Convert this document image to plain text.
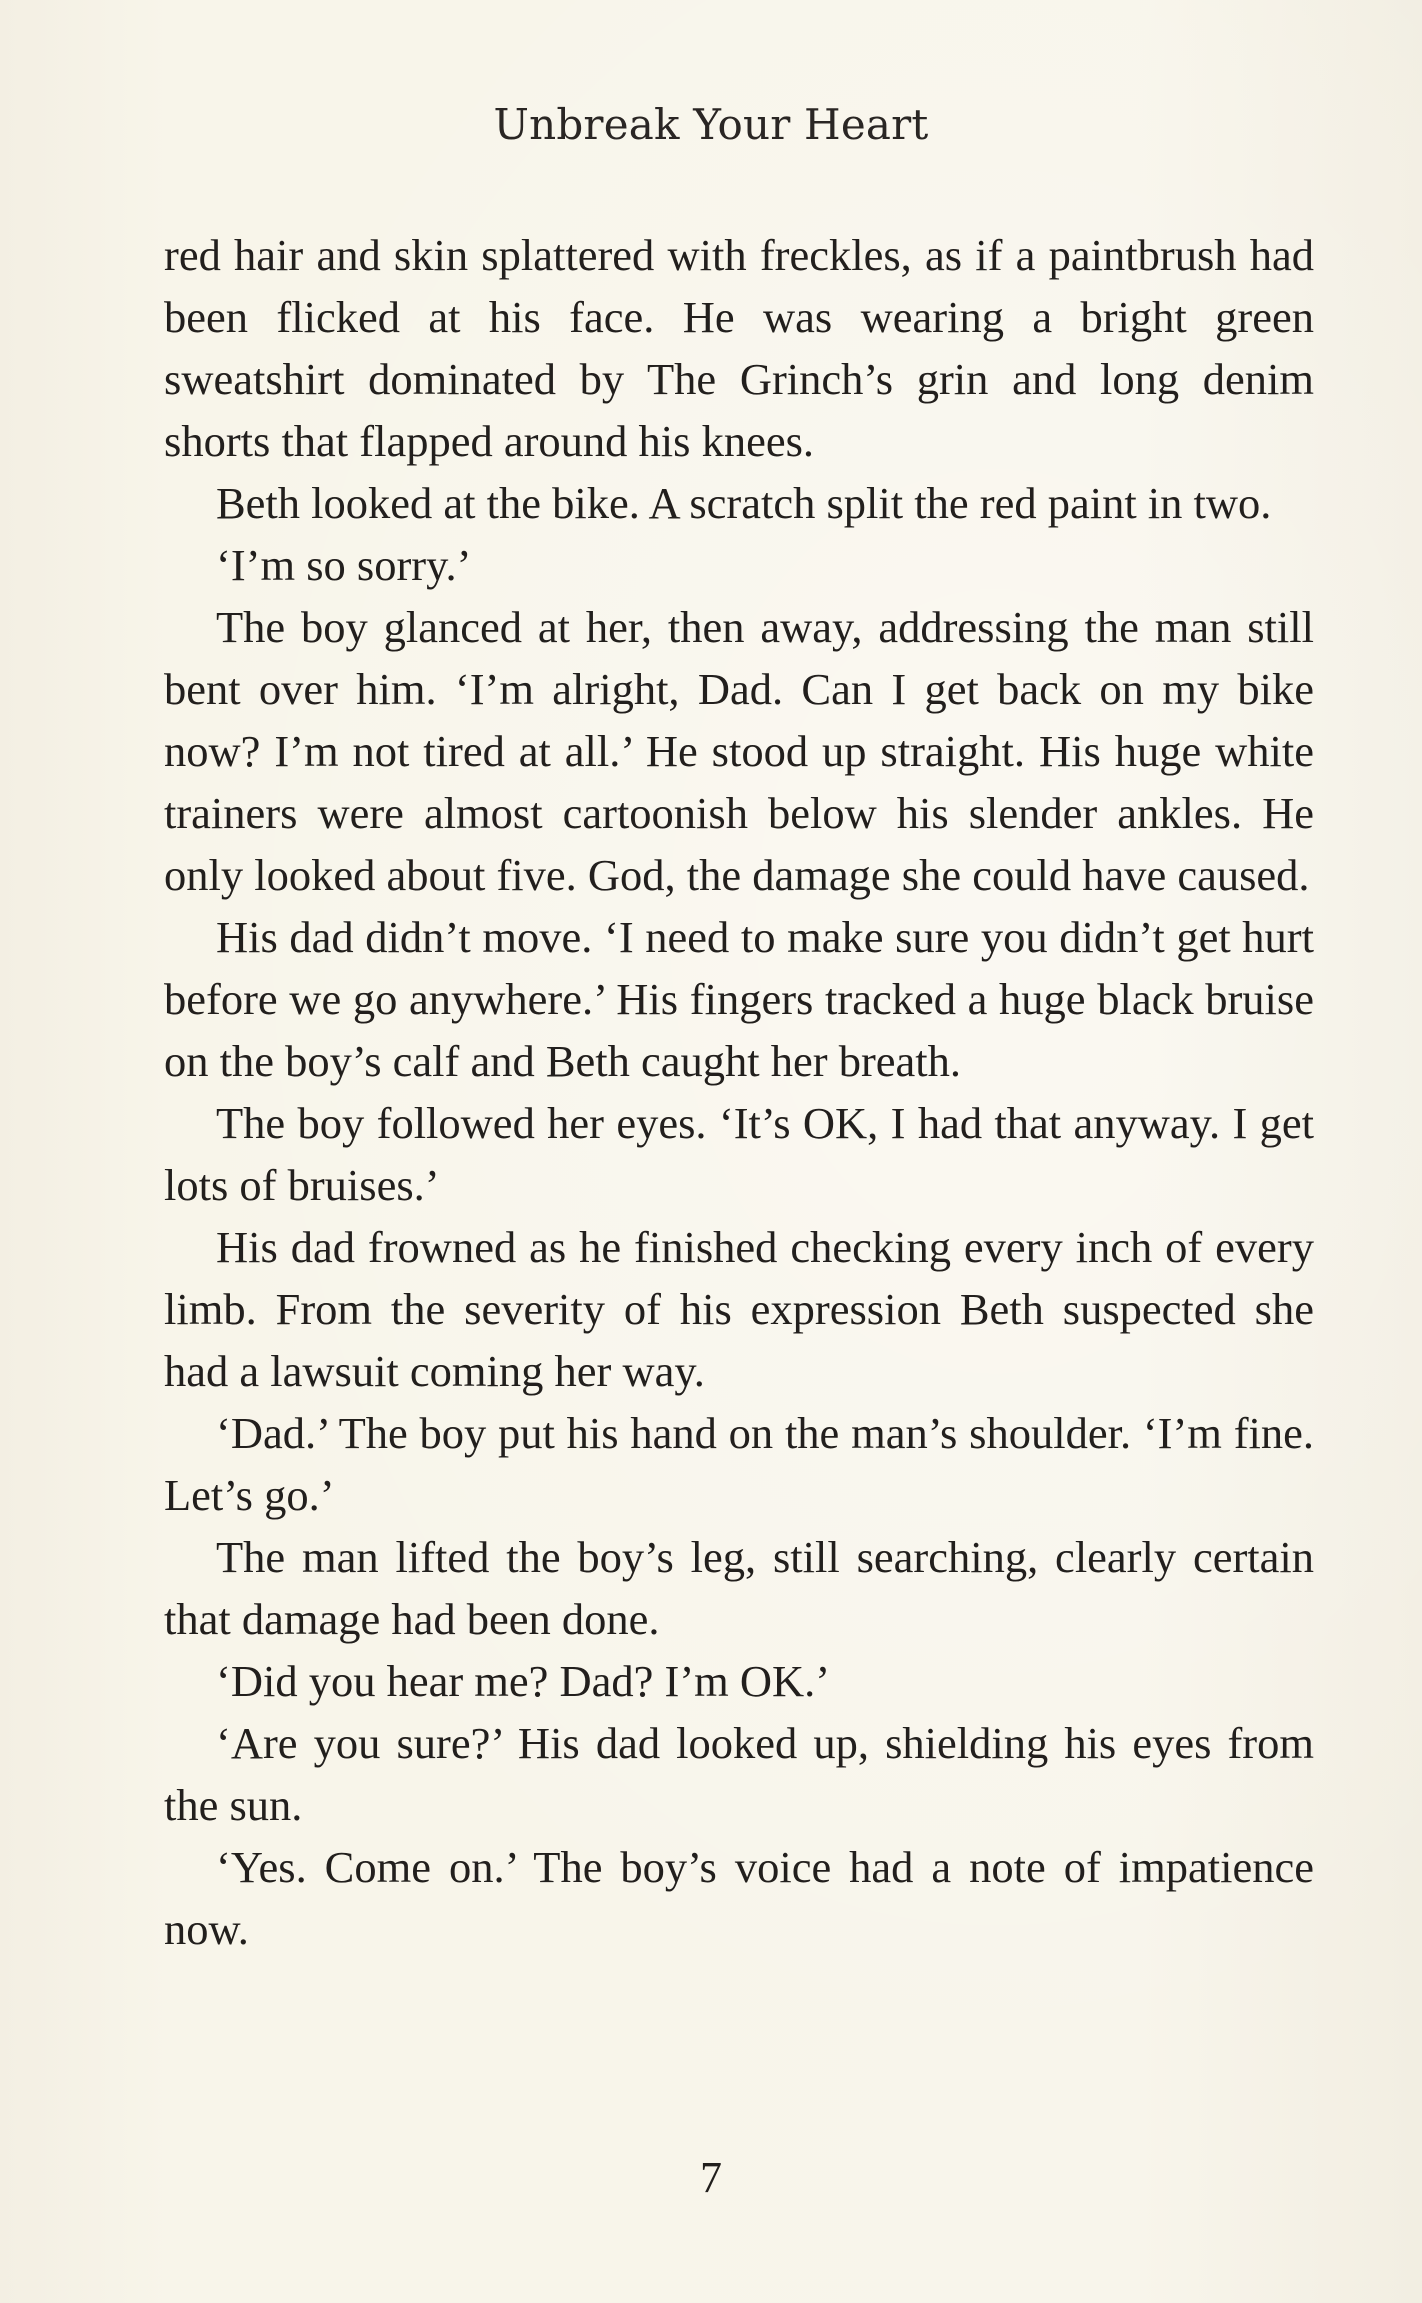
Unbreak Your Heart

red hair and skin splattered with freckles, as if a paintbrush had been flicked at his face. He was wearing a bright green sweatshirt dominated by The Grinch’s grin and long denim shorts that flapped around his knees.

Beth looked at the bike. A scratch split the red paint in two.

‘I’m so sorry.’

The boy glanced at her, then away, addressing the man still bent over him. ‘I’m alright, Dad. Can I get back on my bike now? I’m not tired at all.’ He stood up straight. His huge white trainers were almost cartoonish below his slender ankles. He only looked about five. God, the damage she could have caused.

His dad didn’t move. ‘I need to make sure you didn’t get hurt before we go anywhere.’ His fingers tracked a huge black bruise on the boy’s calf and Beth caught her breath.

The boy followed her eyes. ‘It’s OK, I had that anyway. I get lots of bruises.’

His dad frowned as he finished checking every inch of every limb. From the severity of his expression Beth suspected she had a lawsuit coming her way.

‘Dad.’ The boy put his hand on the man’s shoulder. ‘I’m fine. Let’s go.’

The man lifted the boy’s leg, still searching, clearly certain that damage had been done.

‘Did you hear me? Dad? I’m OK.’

‘Are you sure?’ His dad looked up, shielding his eyes from the sun.

‘Yes. Come on.’ The boy’s voice had a note of impatience now.

7
